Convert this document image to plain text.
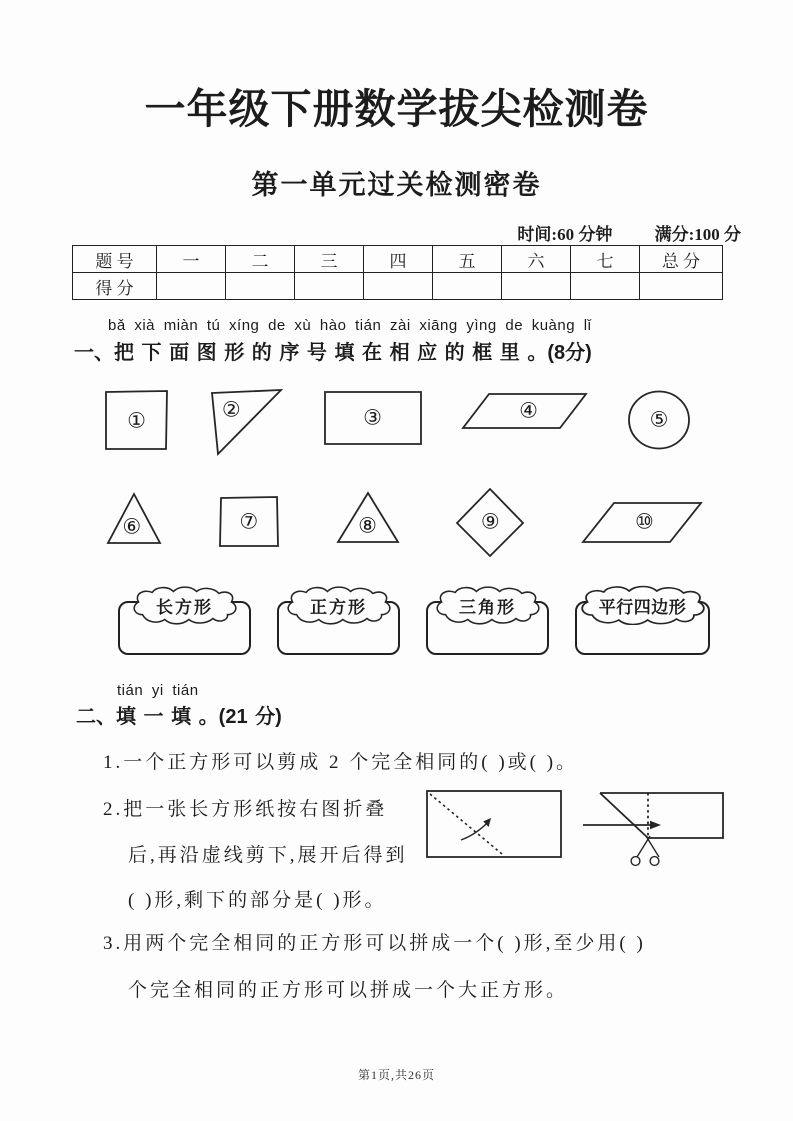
一年级下册数学拔尖检测卷
第一单元过关检测密卷
时间:60 分钟 满分:100 分
题 号	一	二	三	四	五	六	七	总 分
得 分								
bǎ xià miàn tú xíng de xù hào tián zài xiāng yìng de kuàng lǐ
一、把 下 面 图 形 的 序 号 填 在 相 应 的 框 里 。(8分)
①	②	③	④	⑤
⑥	⑦	⑧	⑨	⑩
长方形	正方形	三角形	平行四边形
tián yi tián
二、填 一 填 。(21 分)
1.一个正方形可以剪成 2 个完全相同的( )或( )。
2.把一张长方形纸按右图折叠
后,再沿虚线剪下,展开后得到
( )形,剩下的部分是( )形。
3.用两个完全相同的正方形可以拼成一个( )形,至少用( )
个完全相同的正方形可以拼成一个大正方形。
第1页,共26页
